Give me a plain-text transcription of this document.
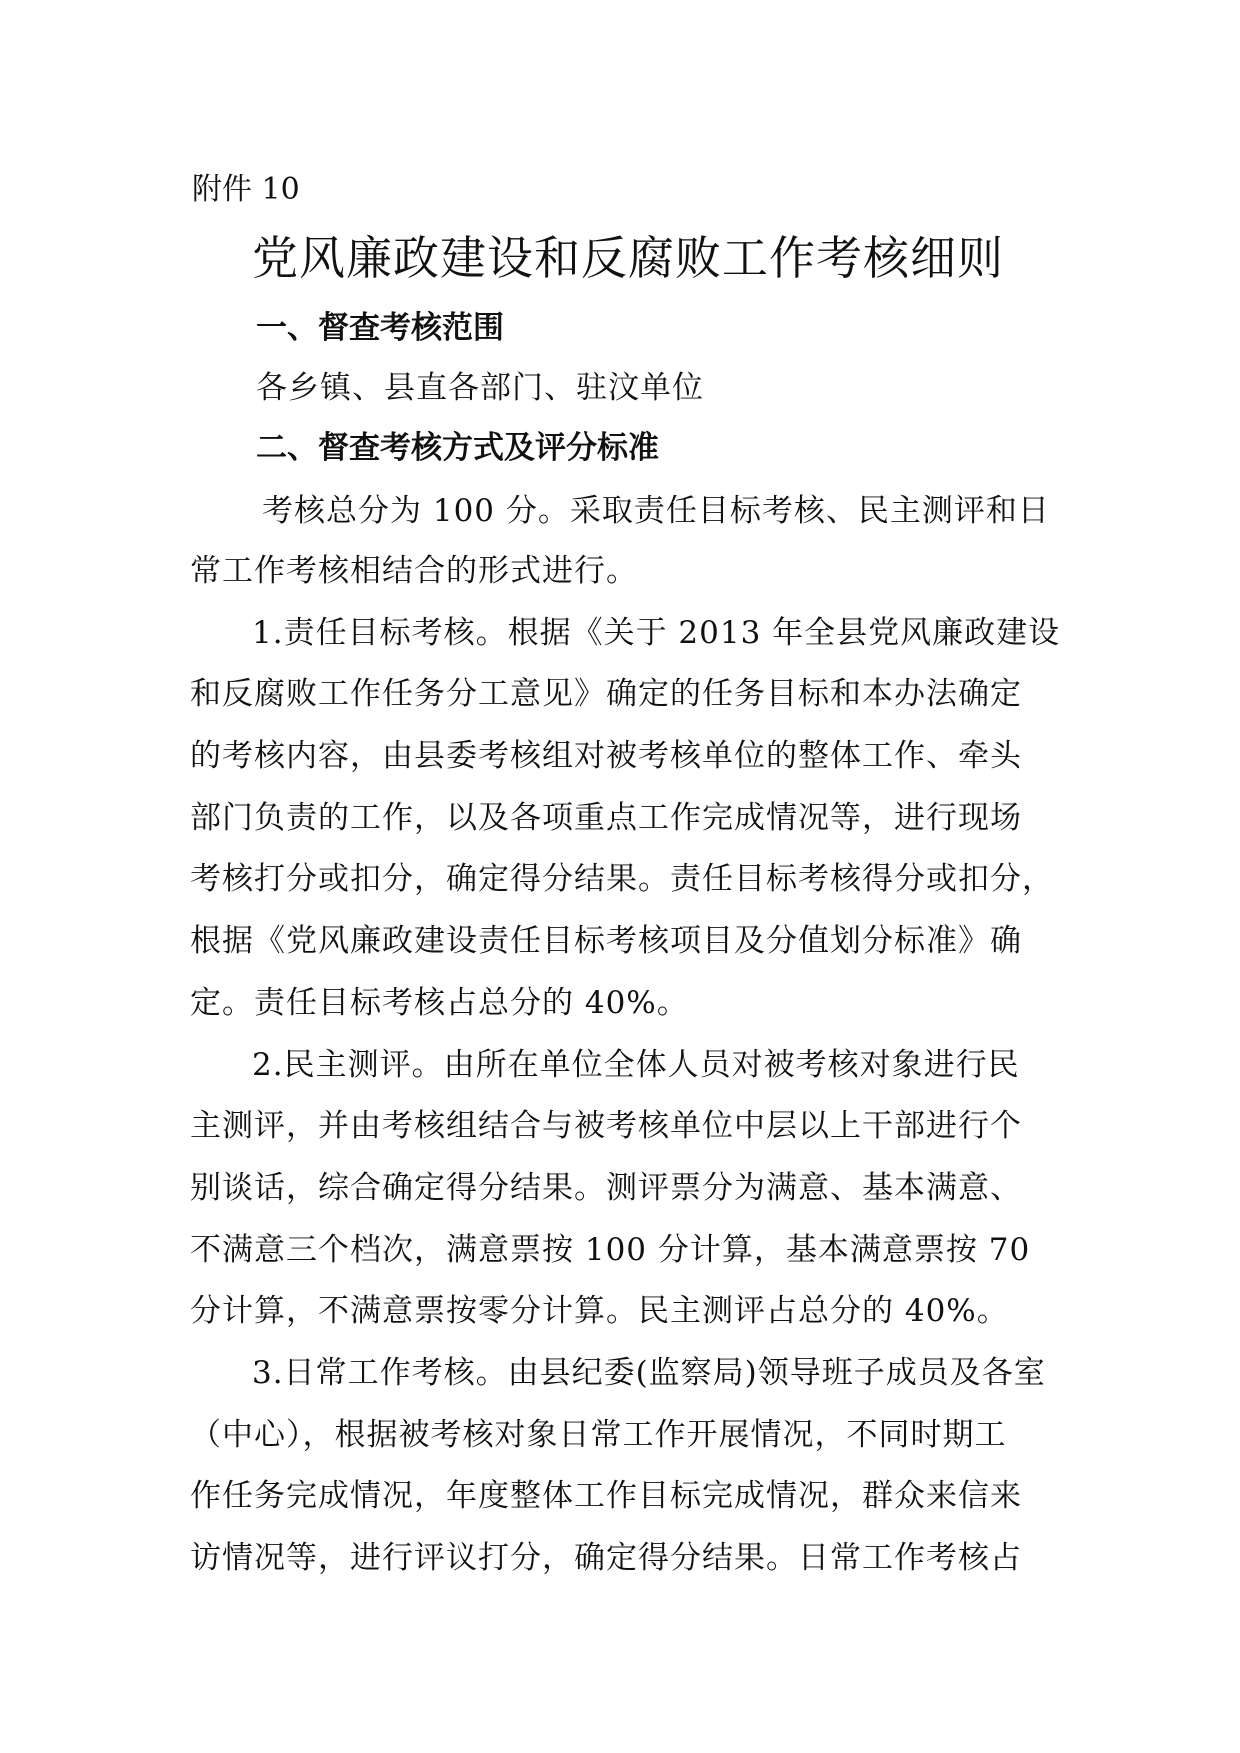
附件 10
党风廉政建设和反腐败工作考核细则
一、督查考核范围
各乡镇、县直各部门、驻汶单位
二、督查考核方式及评分标准
考核总分为 100 分。采取责任目标考核、民主测评和日
常工作考核相结合的形式进行。
1.责任目标考核。根据《关于 2013 年全县党风廉政建设
和反腐败工作任务分工意见》确定的任务目标和本办法确定
的考核内容，由县委考核组对被考核单位的整体工作、牵头
部门负责的工作，以及各项重点工作完成情况等，进行现场
考核打分或扣分，确定得分结果。责任目标考核得分或扣分，
根据《党风廉政建设责任目标考核项目及分值划分标准》确
定。责任目标考核占总分的 40%。
2.民主测评。由所在单位全体人员对被考核对象进行民
主测评，并由考核组结合与被考核单位中层以上干部进行个
别谈话，综合确定得分结果。测评票分为满意、基本满意、
不满意三个档次，满意票按 100 分计算，基本满意票按 70
分计算，不满意票按零分计算。民主测评占总分的 40%。
3.日常工作考核。由县纪委(监察局)领导班子成员及各室
（中心），根据被考核对象日常工作开展情况，不同时期工
作任务完成情况，年度整体工作目标完成情况，群众来信来
访情况等，进行评议打分，确定得分结果。日常工作考核占
